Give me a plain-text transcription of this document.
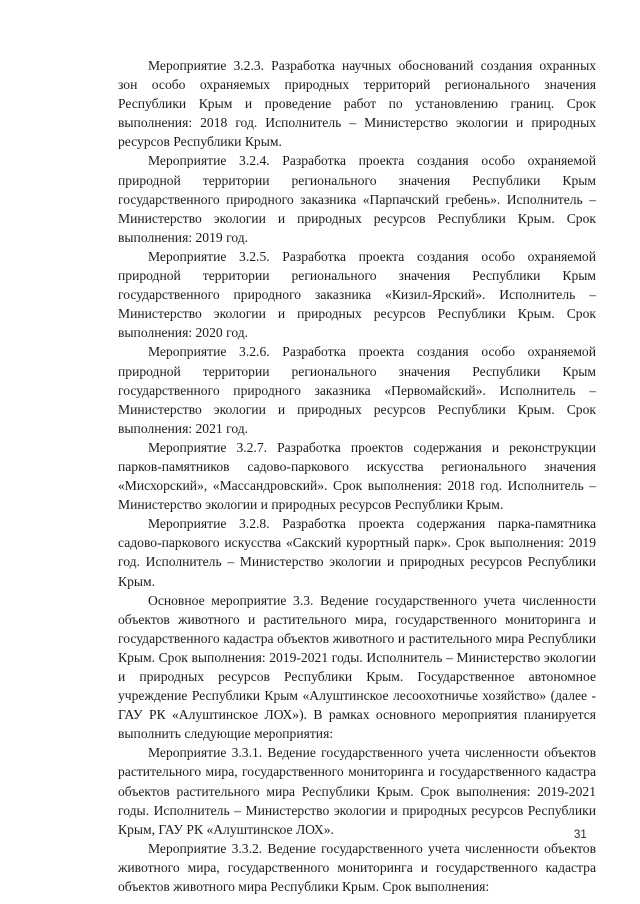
Мероприятие 3.2.3. Разработка научных обоснований создания охранных зон особо охраняемых природных территорий регионального значения Республики Крым и проведение работ по установлению границ. Срок выполнения: 2018 год. Исполнитель – Министерство экологии и природных ресурсов Республики Крым.

Мероприятие 3.2.4. Разработка проекта создания особо охраняемой природной территории регионального значения Республики Крым государственного природного заказника «Парпачский гребень». Исполнитель – Министерство экологии и природных ресурсов Республики Крым. Срок выполнения: 2019 год.

Мероприятие 3.2.5. Разработка проекта создания особо охраняемой природной территории регионального значения Республики Крым государственного природного заказника «Кизил-Ярский». Исполнитель – Министерство экологии и природных ресурсов Республики Крым. Срок выполнения: 2020 год.

Мероприятие 3.2.6. Разработка проекта создания особо охраняемой природной территории регионального значения Республики Крым государственного природного заказника «Первомайский». Исполнитель – Министерство экологии и природных ресурсов Республики Крым. Срок выполнения: 2021 год.

Мероприятие 3.2.7. Разработка проектов содержания и реконструкции парков-памятников садово-паркового искусства регионального значения «Мисхорский», «Массандровский». Срок выполнения: 2018 год. Исполнитель – Министерство экологии и природных ресурсов Республики Крым.

Мероприятие 3.2.8. Разработка проекта содержания парка-памятника садово-паркового искусства «Сакский курортный парк». Срок выполнения: 2019 год. Исполнитель – Министерство экологии и природных ресурсов Республики Крым.

Основное мероприятие 3.3. Ведение государственного учета численности объектов животного и растительного мира, государственного мониторинга и государственного кадастра объектов животного и растительного мира Республики Крым. Срок выполнения: 2019-2021 годы. Исполнитель – Министерство экологии и природных ресурсов Республики Крым. Государственное автономное учреждение Республики Крым «Алуштинское лесоохотничье хозяйство» (далее - ГАУ РК «Алуштинское ЛОХ»). В рамках основного мероприятия планируется выполнить следующие мероприятия:

Мероприятие 3.3.1. Ведение государственного учета численности объектов растительного мира, государственного мониторинга и государственного кадастра объектов растительного мира Республики Крым. Срок выполнения: 2019-2021 годы. Исполнитель – Министерство экологии и природных ресурсов Республики Крым, ГАУ РК «Алуштинское ЛОХ».

Мероприятие 3.3.2. Ведение государственного учета численности объектов животного мира, государственного мониторинга и государственного кадастра объектов животного мира Республики Крым. Срок выполнения:

31
